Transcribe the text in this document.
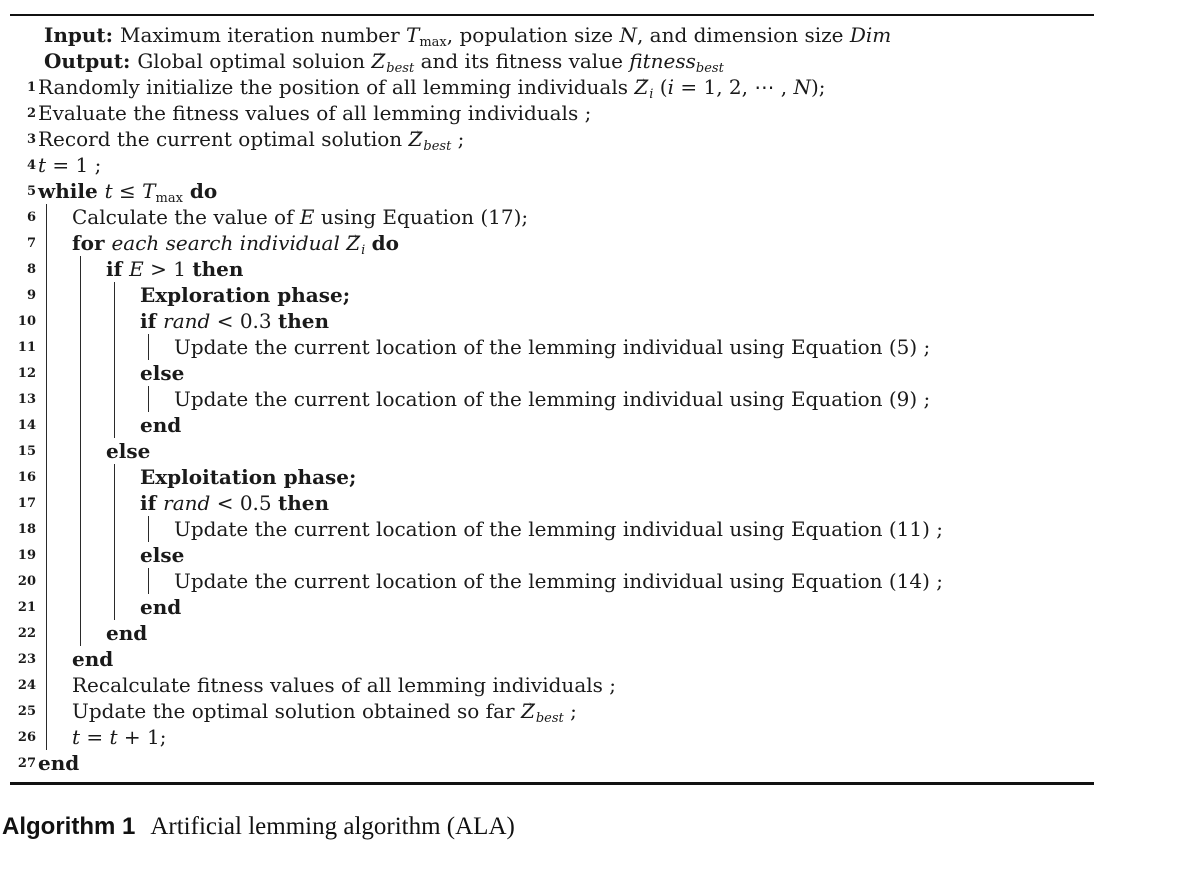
Input: Maximum iteration number $T_{max}$, population size N, and dimension size Dim
Output: Global optimal soluion $Z \to_{best}$ and its fitness value fitness$_{best}$
1 Randomly initialize the position of all lemming individuals $Z \to_i$ (i = 1, 2, ⋯ , N);
2 Evaluate the fitness values of all lemming individuals ;
3 Record the current optimal solution $Z \to_{best}$ ;
4 t = 1 ;
5 while $t \le T_{max}$ do
6 Calculate the value of E using Equation (17);
7 for each search individual $Z \to_i$ do
8	if E > 1 then
9	Exploration phase;
10	if rand < 0.3 then
11	Update the current location of the lemming individual using Equation (5) ;
12	else
13	Update the current location of the lemming individual using Equation (9) ;
14	end
15	else
16	Exploitation phase;
17	if rand < 0.5 then
18	Update the current location of the lemming individual using Equation (11) ;
19	else
20	Update the current location of the lemming individual using Equation (14) ;
21	end
22	end
23 end
24 Recalculate fitness values of all lemming individuals ;
25 Update the optimal solution obtained so far $Z \to_{best}$ ;
26 t = t + 1;
27 end
Algorithm 1 Artificial lemming algorithm (ALA)
